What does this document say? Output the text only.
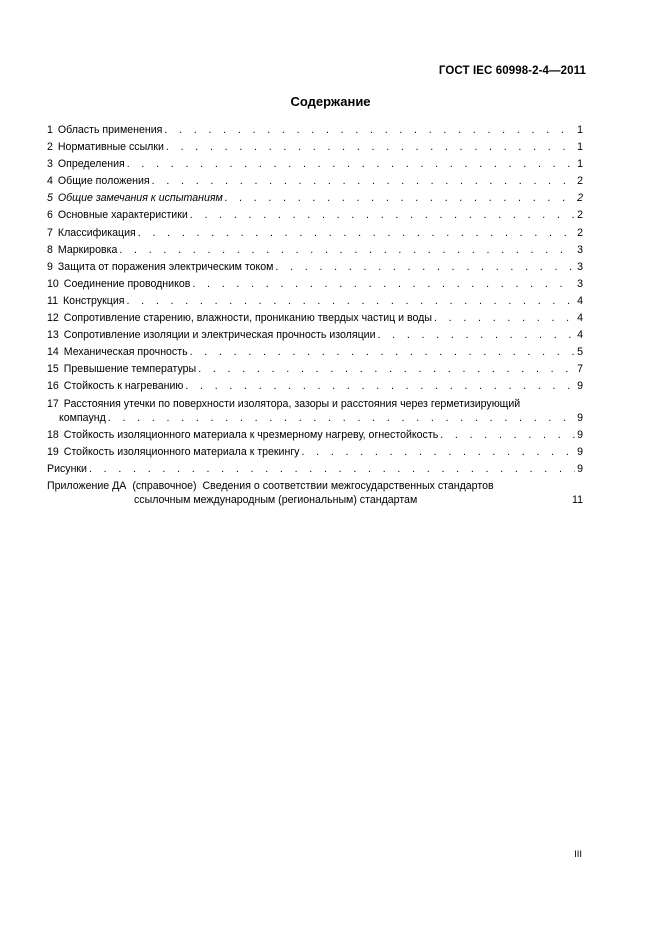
ГОСТ IEC 60998-2-4—2011
Содержание
1 Область применения . . .	1
2 Нормативные ссылки . . .	1
3 Определения . . .	1
4 Общие положения . . .	2
5 Общие замечания к испытаниям . . .	2
6 Основные характеристики . . .	2
7 Классификация . . .	2
8 Маркировка . . .	3
9 Защита от поражения электрическим током . . .	3
10 Соединение проводников . . .	3
11 Конструкция . . .	4
12 Сопротивление старению, влажности, прониканию твердых частиц и воды . . .	4
13 Сопротивление изоляции и электрическая прочность изоляции . . .	4
14 Механическая прочность . . .	5
15 Превышение температуры . . .	7
16 Стойкость к нагреванию . . .	9
17 Расстояния утечки по поверхности изолятора, зазоры и расстояния через герметизирующий
компаунд . . .	9
18 Стойкость изоляционного материала к чрезмерному нагреву, огнестойкость . . .	9
19 Стойкость изоляционного материала к трекингу . . .	9
Рисунки . . .	9
Приложение ДА (справочное) Сведения о соответствии межгосударственных стандартов
ссылочным международным (региональным) стандартам	11
III
